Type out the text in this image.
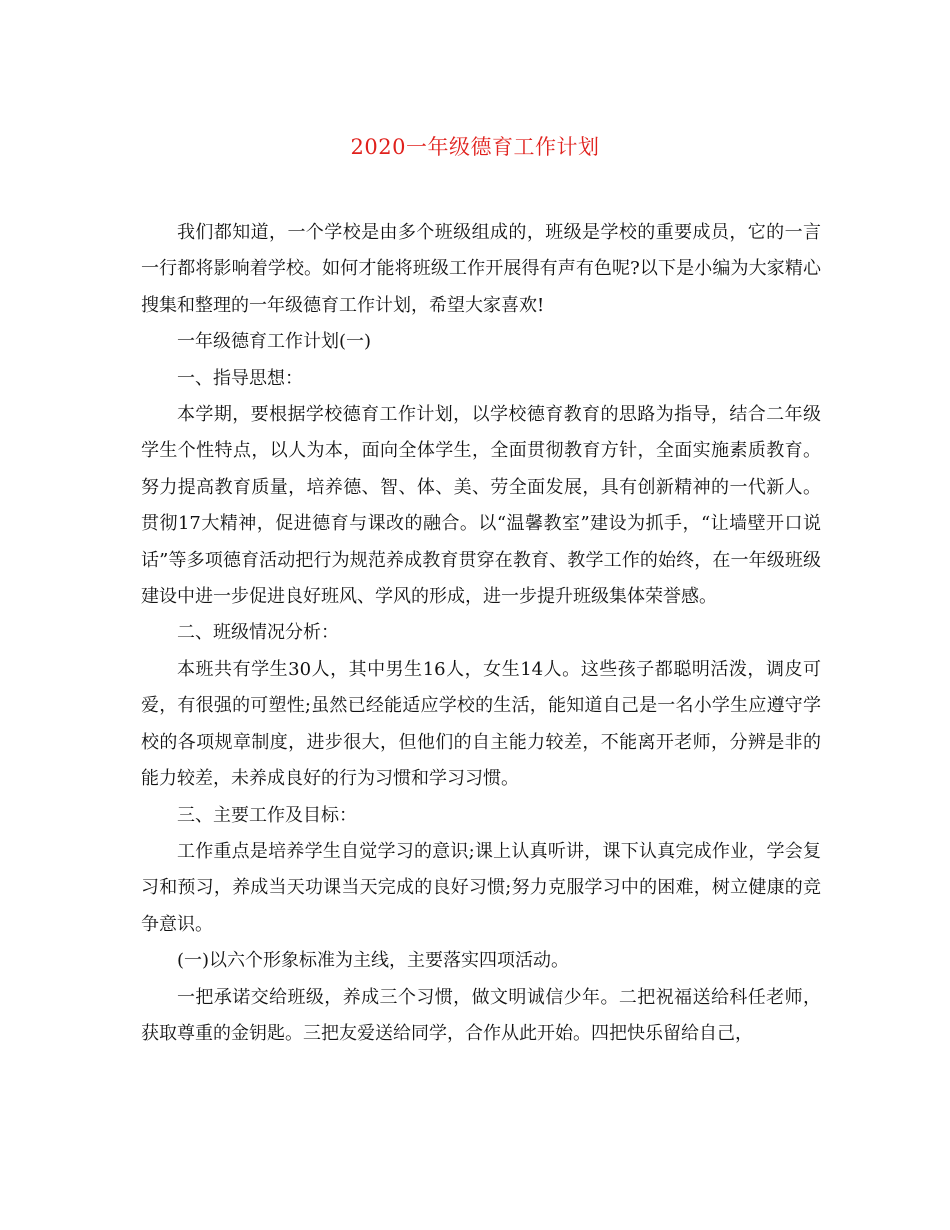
2020一年级德育工作计划

我们都知道，一个学校是由多个班级组成的，班级是学校的重要成员，它的一言一行都将影响着学校。如何才能将班级工作开展得有声有色呢?以下是小编为大家精心搜集和整理的一年级德育工作计划，希望大家喜欢!

一年级德育工作计划(一)

一、指导思想：

本学期，要根据学校德育工作计划，以学校德育教育的思路为指导，结合二年级学生个性特点，以人为本，面向全体学生，全面贯彻教育方针，全面实施素质教育。努力提高教育质量，培养德、智、体、美、劳全面发展，具有创新精神的一代新人。贯彻17大精神，促进德育与课改的融合。以“温馨教室”建设为抓手，“让墙壁开口说话”等多项德育活动把行为规范养成教育贯穿在教育、教学工作的始终，在一年级班级建设中进一步促进良好班风、学风的形成，进一步提升班级集体荣誉感。

二、班级情况分析：

本班共有学生30人，其中男生16人，女生14人。这些孩子都聪明活泼，调皮可爱，有很强的可塑性;虽然已经能适应学校的生活，能知道自己是一名小学生应遵守学校的各项规章制度，进步很大，但他们的自主能力较差，不能离开老师，分辨是非的能力较差，未养成良好的行为习惯和学习习惯。

三、主要工作及目标：

工作重点是培养学生自觉学习的意识;课上认真听讲，课下认真完成作业，学会复习和预习，养成当天功课当天完成的良好习惯;努力克服学习中的困难，树立健康的竞争意识。

(一)以六个形象标准为主线，主要落实四项活动。

一把承诺交给班级，养成三个习惯，做文明诚信少年。二把祝福送给科任老师，获取尊重的金钥匙。三把友爱送给同学，合作从此开始。四把快乐留给自己，
